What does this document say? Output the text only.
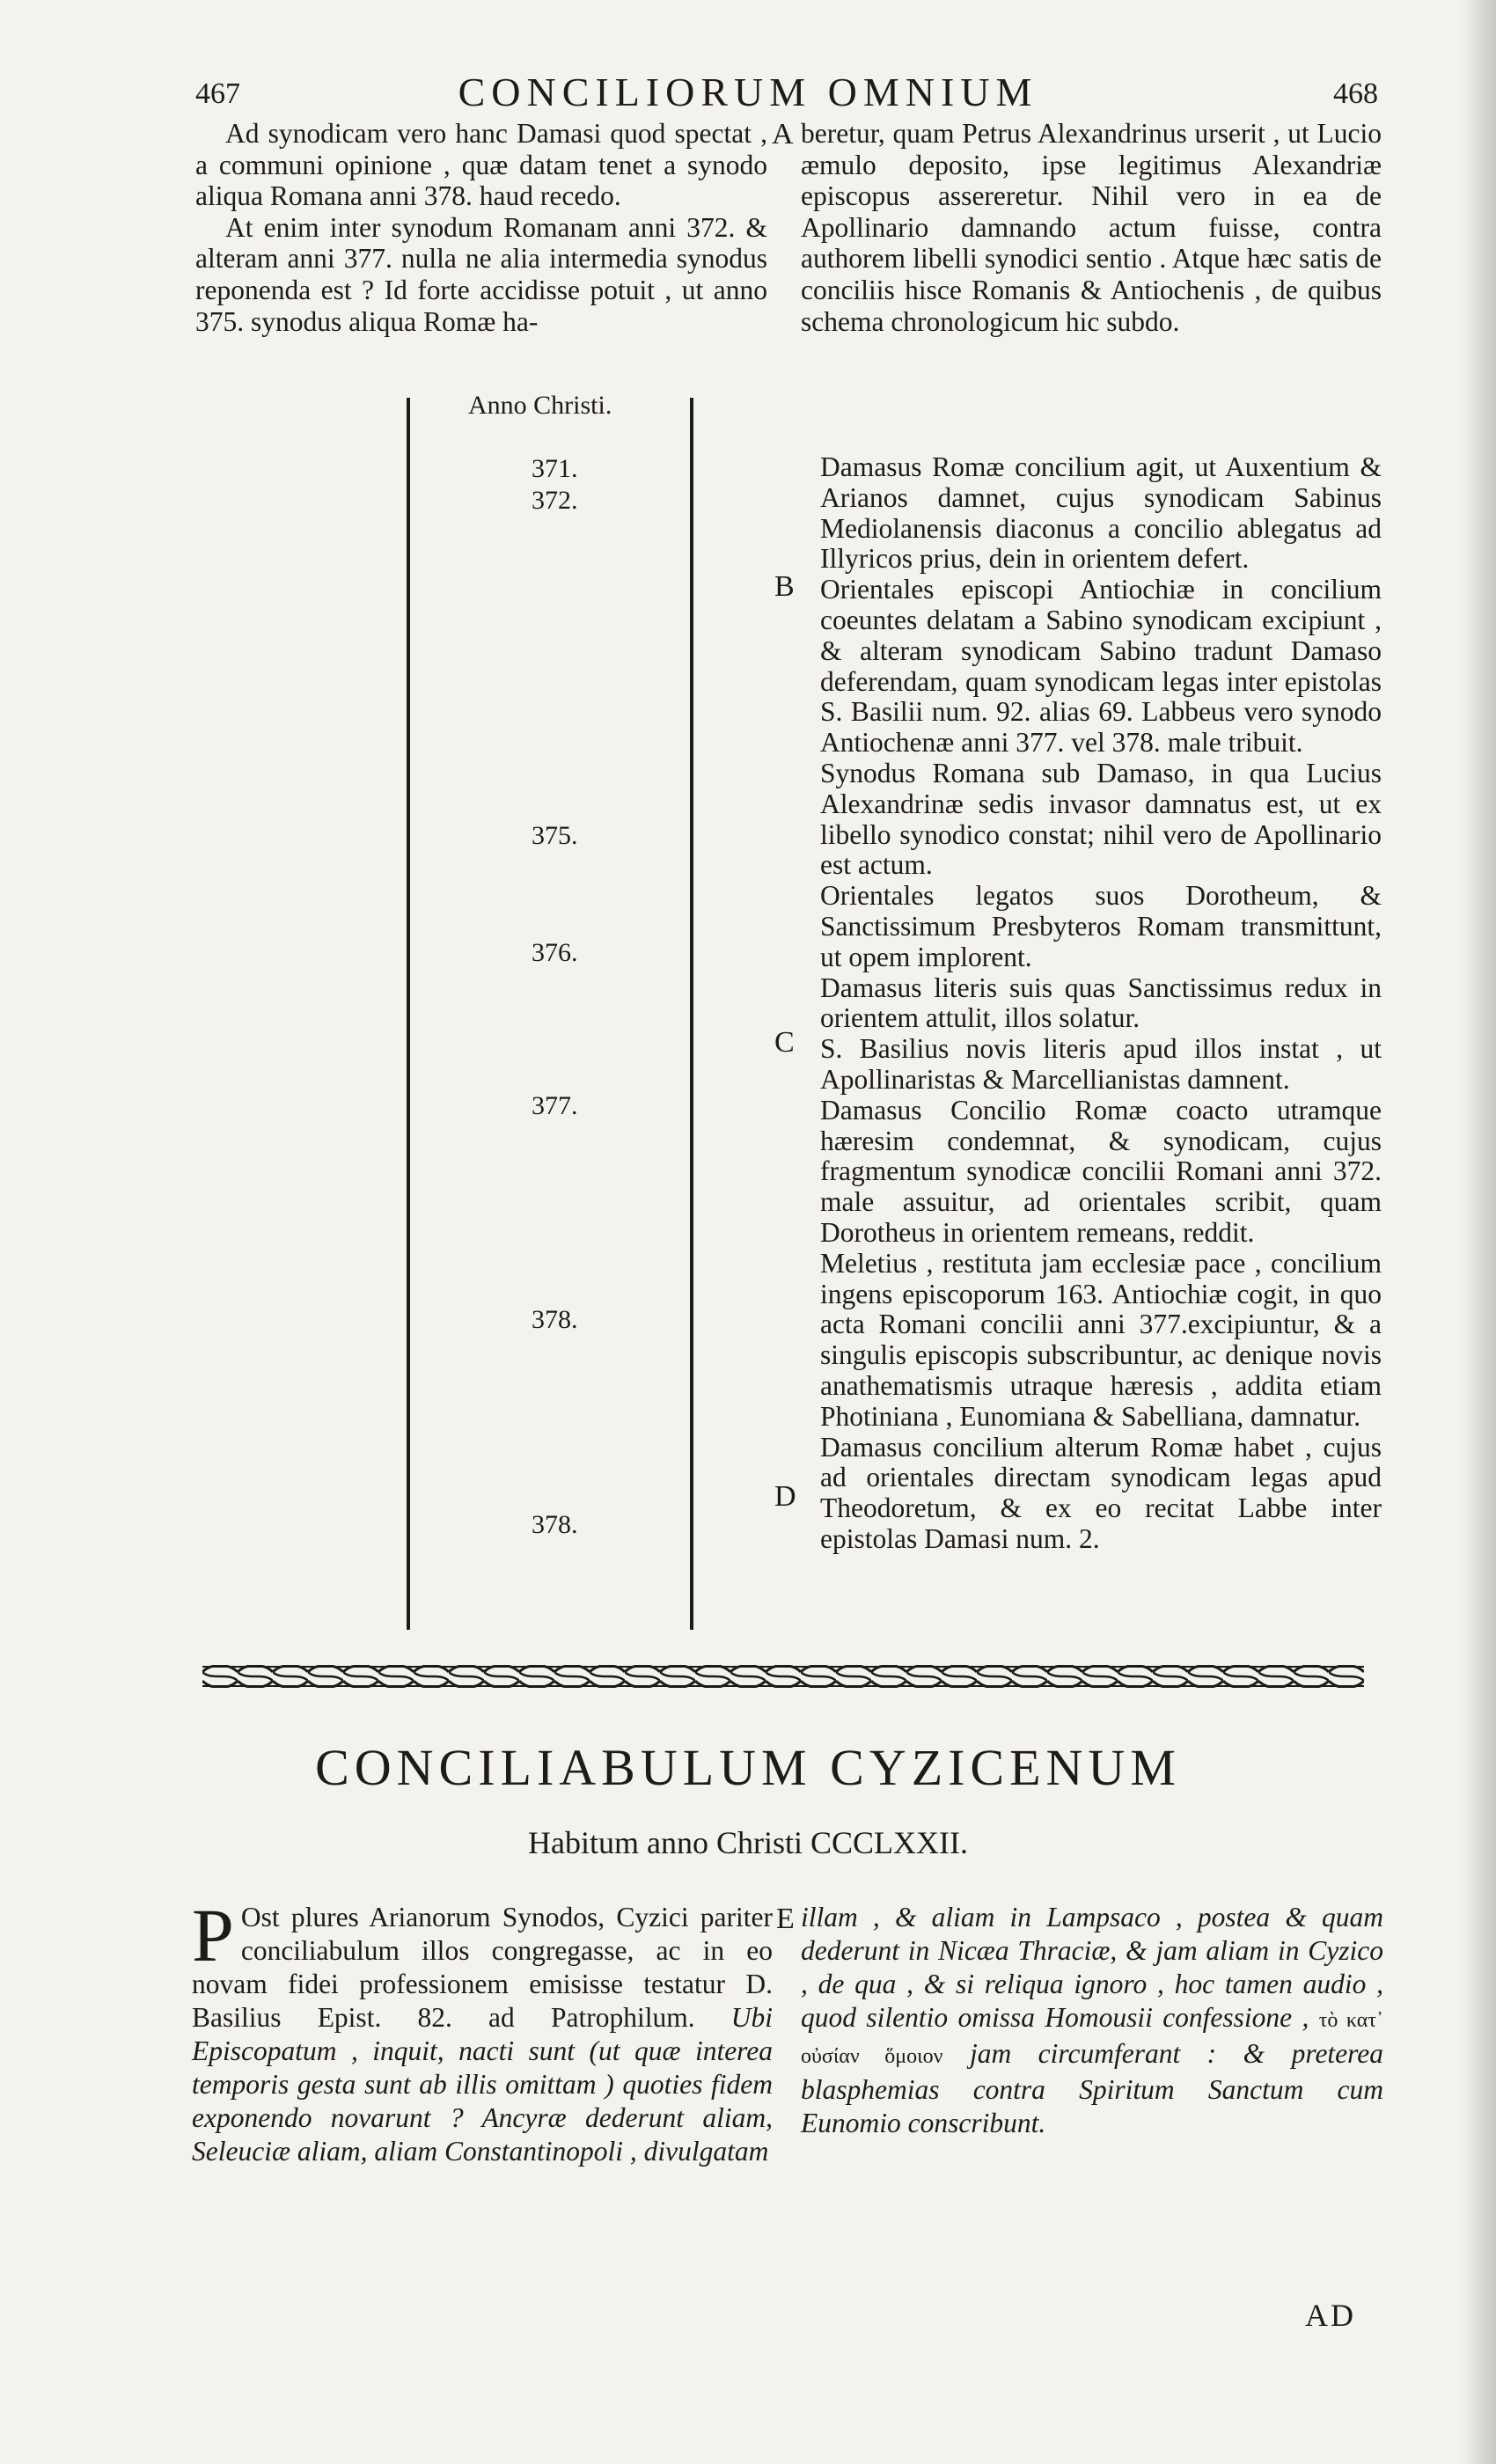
467	CONCILIORUM OMNIUM	468

Ad synodicam vero hanc Damasi quod spectat , a communi opinione , quæ datam tenet a synodo aliqua Romana anni 378. haud recedo.

At enim inter synodum Romanam anni 372. & alteram anni 377. nulla ne alia intermedia synodus reponenda est ? Id forte accidisse potuit , ut anno 375. synodus aliqua Romæ ha-

A beretur, quam Petrus Alexandrinus urserit , ut Lucio æmulo deposito, ipse legitimus Alexandriæ episcopus assereretur. Nihil vero in ea de Apollinario damnando actum fuisse, contra authorem libelli synodici sentio . Atque hæc satis de conciliis hisce Romanis & Antiochenis , de quibus schema chronologicum hic subdo.

Anno Christi.
371.
372.
375.
376.
377.
378.
378.
B
C
D

Damasus Romæ concilium agit, ut Auxentium & Arianos damnet, cujus synodicam Sabinus Mediolanensis diaconus a concilio ablegatus ad Illyricos prius, dein in orientem defert.

Orientales episcopi Antiochiæ in concilium coeuntes delatam a Sabino synodicam excipiunt , & alteram synodicam Sabino tradunt Damaso deferendam, quam synodicam legas inter epistolas S. Basilii num. 92. alias 69. Labbeus vero synodo Antiochenæ anni 377. vel 378. male tribuit.

Synodus Romana sub Damaso, in qua Lucius Alexandrinæ sedis invasor damnatus est, ut ex libello synodico constat; nihil vero de Apollinario est actum.

Orientales legatos suos Dorotheum, & Sanctissimum Presbyteros Romam transmittunt, ut opem implorent.

Damasus literis suis quas Sanctissimus redux in orientem attulit, illos solatur.

S. Basilius novis literis apud illos instat , ut Apollinaristas & Marcellianistas damnent.

Damasus Concilio Romæ coacto utramque hæresim condemnat, & synodicam, cujus fragmentum synodicæ concilii Romani anni 372. male assuitur, ad orientales scribit, quam Dorotheus in orientem remeans, reddit.

Meletius , restituta jam ecclesiæ pace , concilium ingens episcoporum 163. Antiochiæ cogit, in quo acta Romani concilii anni 377.excipiuntur, & a singulis episcopis subscribuntur, ac denique novis anathematismis utraque hæresis , addita etiam Photiniana , Eunomiana & Sabelliana, damnatur.

Damasus concilium alterum Romæ habet , cujus ad orientales directam synodicam legas apud Theodoretum, & ex eo recitat Labbe inter epistolas Damasi num. 2.

CONCILIABULUM CYZICENUM
Habitum anno Christi CCCLXXII.

P Ost plures Arianorum Synodos, Cyzici pariter conciliabulum illos congregasse, ac in eo novam fidei professionem emisisse testatur D. Basilius Epist. 82. ad Patrophilum. Ubi Episcopatum , inquit, nacti sunt (ut quæ interea temporis gesta sunt ab illis omittam ) quoties fidem exponendo novarunt ? Ancyræ dederunt aliam, Seleuciæ aliam, aliam Constantinopoli , divulgatam

E illam , & aliam in Lampsaco , postea & quam dederunt in Nicæa Thraciæ, & jam aliam in Cyzico , de qua , & si reliqua ignoro , hoc tamen audio , quod silentio omissa Homousii confessione , τὸ κατ᾽ οὐσίαν ὅμοιον jam circumferant : & preterea blasphemias contra Spiritum Sanctum cum Eunomio conscribunt.

AD
